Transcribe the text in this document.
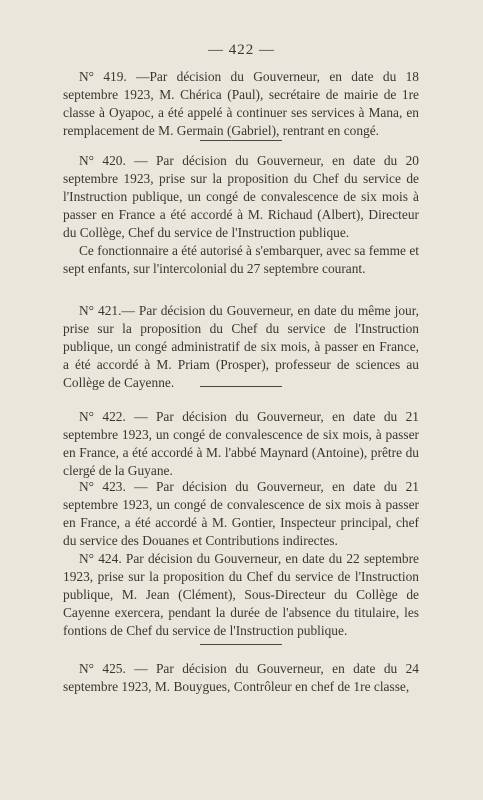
— 422 —

N° 419. —Par décision du Gouverneur, en date du 18 septembre 1923, M. Chérica (Paul), secrétaire de mairie de 1re classe à Oyapoc, a été appelé à continuer ses services à Mana, en remplacement de M. Germain (Gabriel), rentrant en congé.

N° 420. — Par décision du Gouverneur, en date du 20 septembre 1923, prise sur la proposition du Chef du service de l'Instruction publique, un congé de convalescence de six mois à passer en France a été accordé à M. Richaud (Albert), Directeur du Collège, Chef du service de l'Instruction publique.

Ce fonctionnaire a été autorisé à s'embarquer, avec sa femme et sept enfants, sur l'intercolonial du 27 septembre courant.

N° 421.— Par décision du Gouverneur, en date du même jour, prise sur la proposition du Chef du service de l'Instruction publique, un congé administratif de six mois, à passer en France, a été accordé à M. Priam (Prosper), professeur de sciences au Collège de Cayenne.

N° 422. — Par décision du Gouverneur, en date du 21 septembre 1923, un congé de convalescence de six mois, à passer en France, a été accordé à M. l'abbé Maynard (Antoine), prêtre du clergé de la Guyane.

N° 423. — Par décision du Gouverneur, en date du 21 septembre 1923, un congé de convalescence de six mois à passer en France, a été accordé à M. Gontier, Inspecteur principal, chef du service des Douanes et Contributions indirectes.

N° 424. Par décision du Gouverneur, en date du 22 septembre 1923, prise sur la proposition du Chef du service de l'Instruction publique, M. Jean (Clément), Sous-Directeur du Collège de Cayenne exercera, pendant la durée de l'absence du titulaire, les fontions de Chef du service de l'Instruction publique.

N° 425. — Par décision du Gouverneur, en date du 24 septembre 1923, M. Bouygues, Contrôleur en chef de 1re classe,
